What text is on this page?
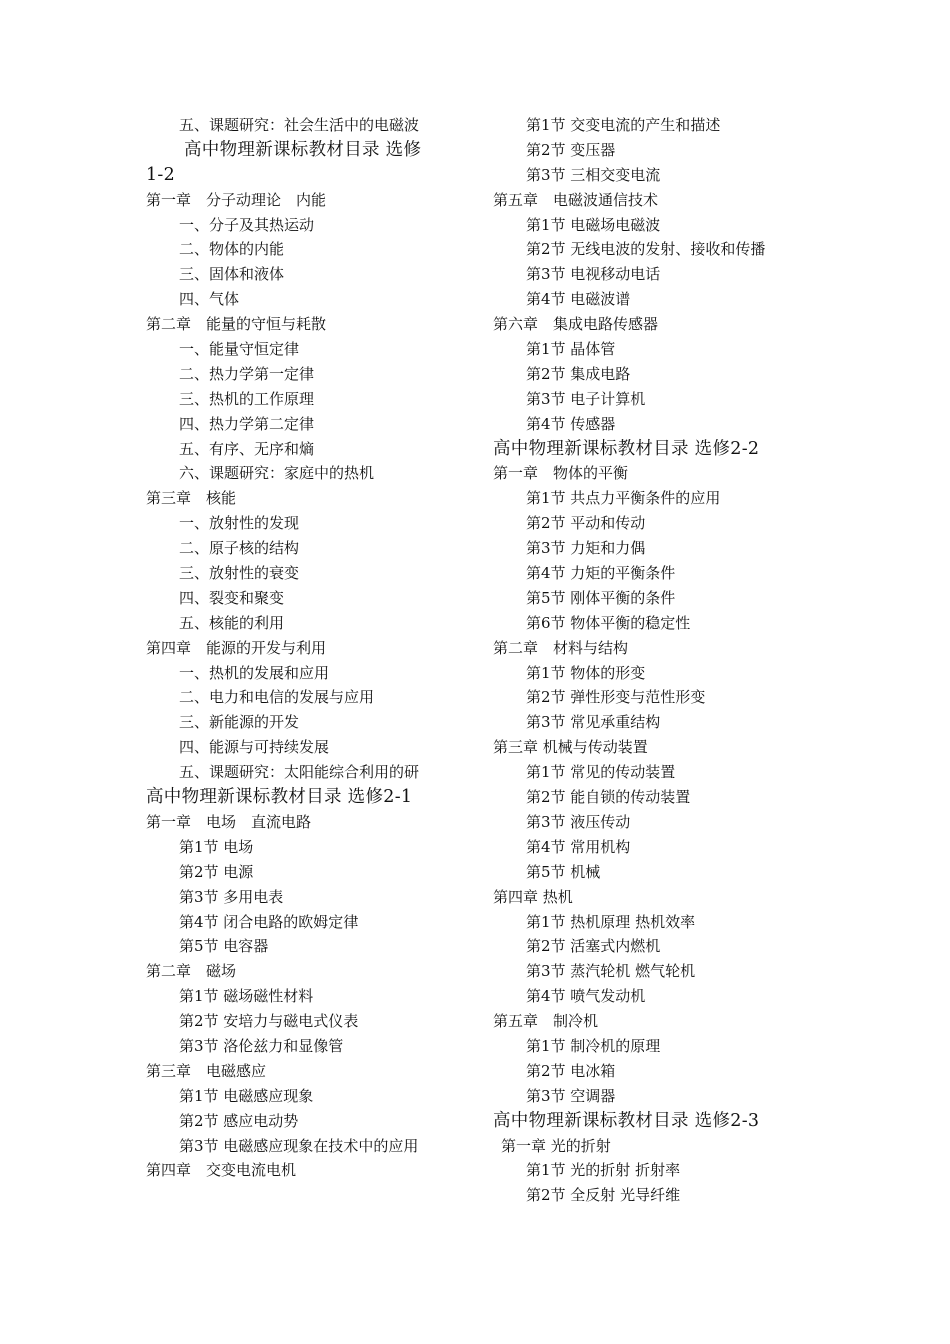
五、课题研究：社会生活中的电磁波
高中物理新课标教材目录 选修
1-2
第一章　分子动理论　内能
一、分子及其热运动
二、物体的内能
三、固体和液体
四、气体
第二章　能量的守恒与耗散
一、能量守恒定律
二、热力学第一定律
三、热机的工作原理
四、热力学第二定律
五、有序、无序和熵
六、课题研究：家庭中的热机
第三章　核能
一、放射性的发现
二、原子核的结构
三、放射性的衰变
四、裂变和聚变
五、核能的利用
第四章　能源的开发与利用
一、热机的发展和应用
二、电力和电信的发展与应用
三、新能源的开发
四、能源与可持续发展
五、课题研究：太阳能综合利用的研
高中物理新课标教材目录 选修2-1
第一章　电场　直流电路
第1节 电场
第2节 电源
第3节 多用电表
第4节 闭合电路的欧姆定律
第5节 电容器
第二章　磁场
第1节 磁场磁性材料
第2节 安培力与磁电式仪表
第3节 洛伦兹力和显像管
第三章　电磁感应
第1节 电磁感应现象
第2节 感应电动势
第3节 电磁感应现象在技术中的应用
第四章　交变电流电机
第1节 交变电流的产生和描述
第2节 变压器
第3节 三相交变电流
第五章　电磁波通信技术
第1节 电磁场电磁波
第2节 无线电波的发射、接收和传播
第3节 电视移动电话
第4节 电磁波谱
第六章　集成电路传感器
第1节 晶体管
第2节 集成电路
第3节 电子计算机
第4节 传感器
高中物理新课标教材目录 选修2-2
第一章　物体的平衡
第1节 共点力平衡条件的应用
第2节 平动和传动
第3节 力矩和力偶
第4节 力矩的平衡条件
第5节 刚体平衡的条件
第6节 物体平衡的稳定性
第二章　材料与结构
第1节 物体的形变
第2节 弹性形变与范性形变
第3节 常见承重结构
第三章 机械与传动装置
第1节 常见的传动装置
第2节 能自锁的传动装置
第3节 液压传动
第4节 常用机构
第5节 机械
第四章 热机
第1节 热机原理 热机效率
第2节 活塞式内燃机
第3节 蒸汽轮机 燃气轮机
第4节 喷气发动机
第五章　制冷机
第1节 制冷机的原理
第2节 电冰箱
第3节 空调器
高中物理新课标教材目录 选修2-3
第一章 光的折射
第1节 光的折射 折射率
第2节 全反射 光导纤维
